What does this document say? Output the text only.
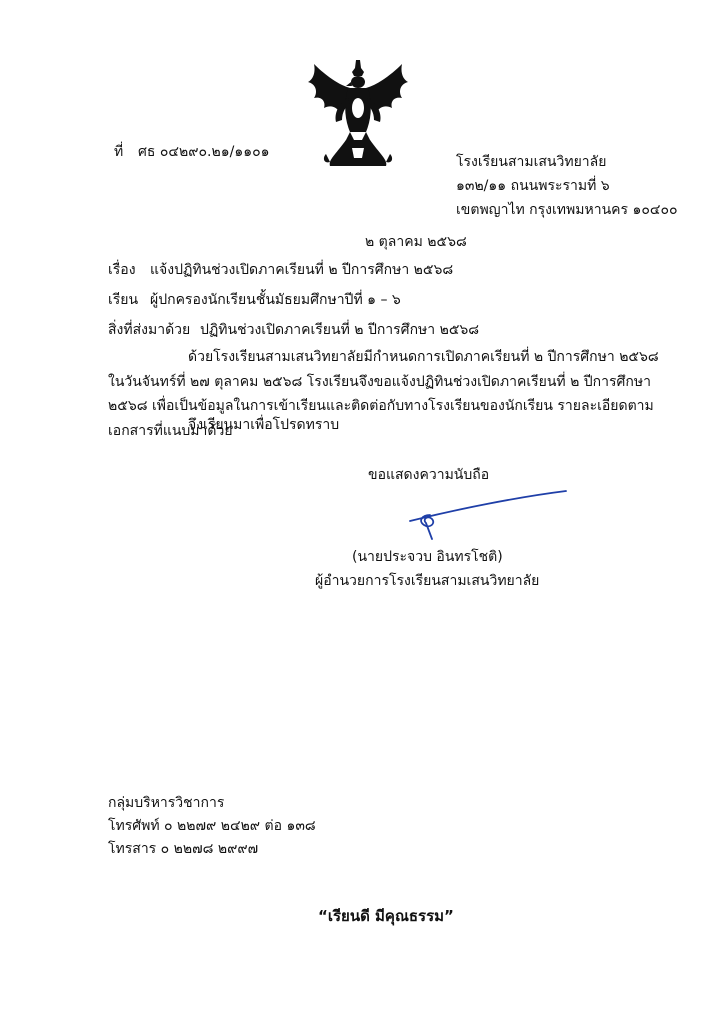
ที่ ศธ ๐๔๒๙๐.๒๑/๑๑๐๑
โรงเรียนสามเสนวิทยาลัย
๑๓๒/๑๑ ถนนพระรามที่ ๖
เขตพญาไท กรุงเทพมหานคร ๑๐๔๐๐
๒ ตุลาคม ๒๕๖๘
เรื่อง แจ้งปฏิทินช่วงเปิดภาคเรียนที่ ๒ ปีการศึกษา ๒๕๖๘
เรียน ผู้ปกครองนักเรียนชั้นมัธยมศึกษาปีที่ ๑ – ๖
สิ่งที่ส่งมาด้วย ปฏิทินช่วงเปิดภาคเรียนที่ ๒ ปีการศึกษา ๒๕๖๘
ด้วยโรงเรียนสามเสนวิทยาลัยมีกำหนดการเปิดภาคเรียนที่ ๒ ปีการศึกษา ๒๕๖๘ ในวันจันทร์ที่ ๒๗ ตุลาคม ๒๕๖๘ โรงเรียนจึงขอแจ้งปฏิทินช่วงเปิดภาคเรียนที่ ๒ ปีการศึกษา ๒๕๖๘ เพื่อเป็นข้อมูลในการเข้าเรียนและติดต่อกับทางโรงเรียนของนักเรียน รายละเอียดตามเอกสารที่แนบมาด้วย
จึงเรียนมาเพื่อโปรดทราบ
ขอแสดงความนับถือ
(นายประจวบ อินทรโชติ)
ผู้อำนวยการโรงเรียนสามเสนวิทยาลัย
กลุ่มบริหารวิชาการ
โทรศัพท์ ๐ ๒๒๗๙ ๒๔๒๙ ต่อ ๑๓๘
โทรสาร ๐ ๒๒๗๘ ๒๙๙๗
“เรียนดี มีคุณธรรม”
